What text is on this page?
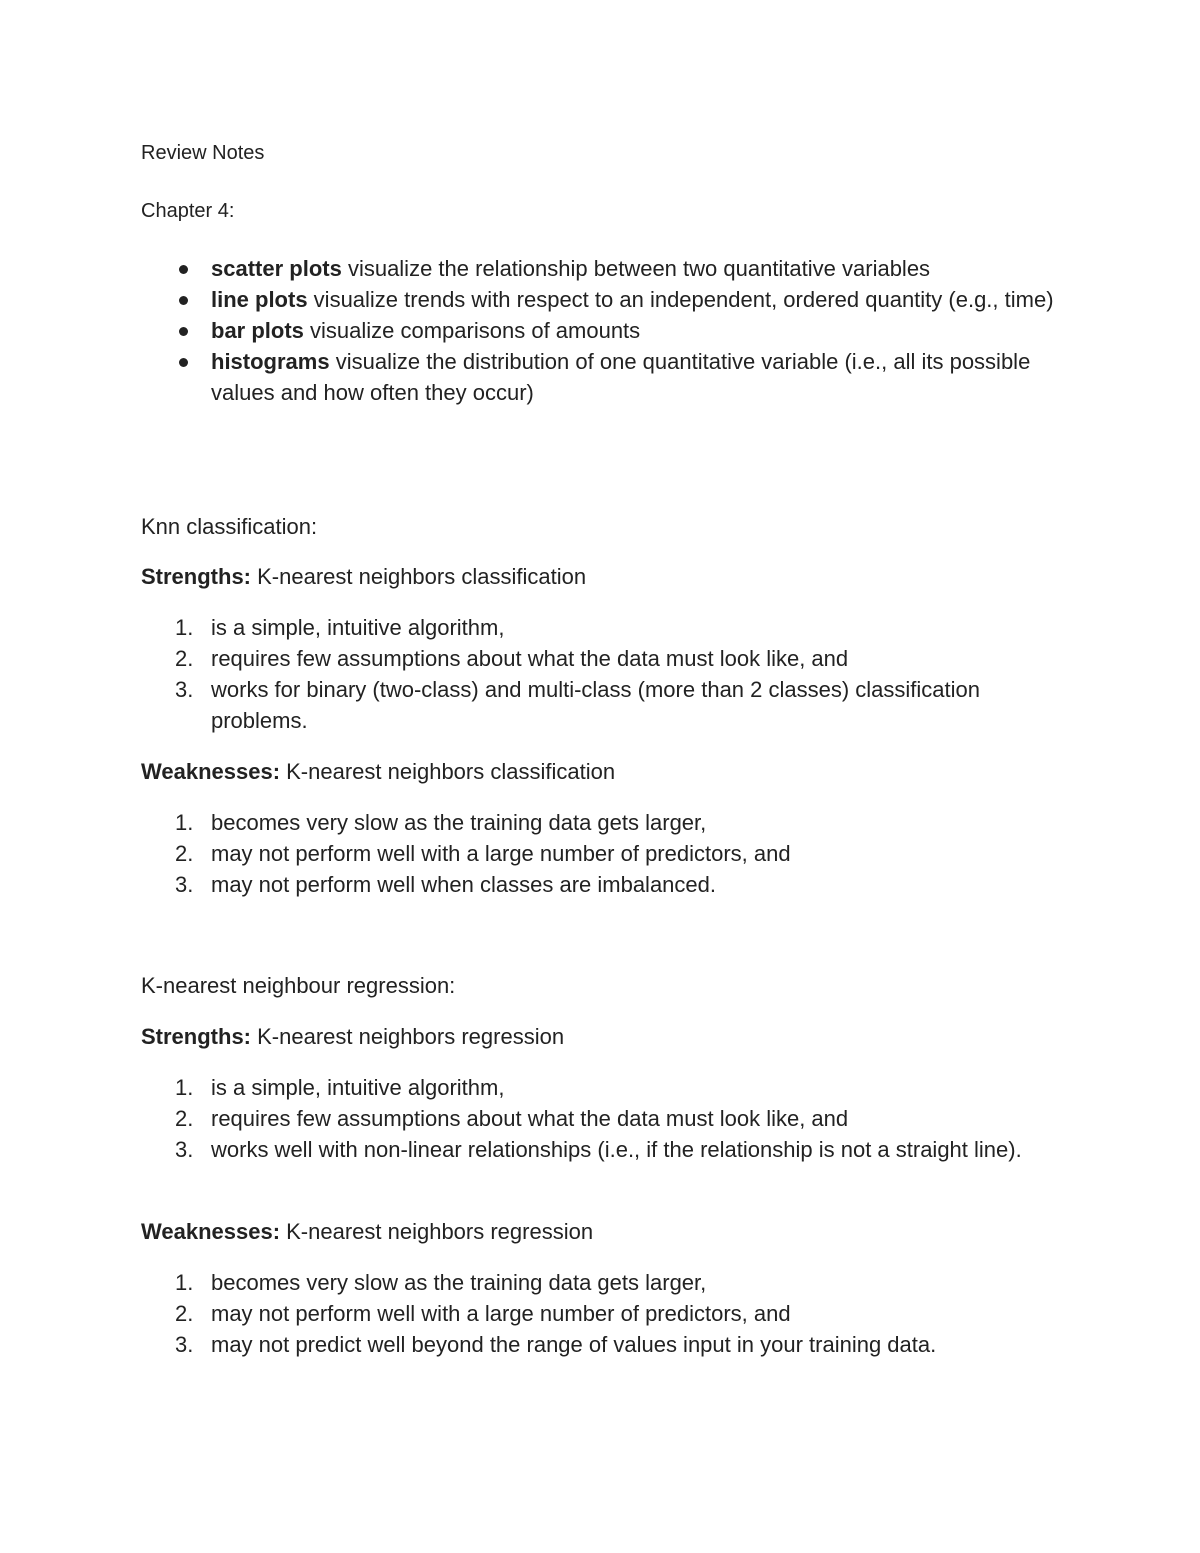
Review Notes
Chapter 4:
scatter plots visualize the relationship between two quantitative variables
line plots visualize trends with respect to an independent, ordered quantity (e.g., time)
bar plots visualize comparisons of amounts
histograms visualize the distribution of one quantitative variable (i.e., all its possible values and how often they occur)
Knn classification:
Strengths: K-nearest neighbors classification
1. is a simple, intuitive algorithm,
2. requires few assumptions about what the data must look like, and
3. works for binary (two-class) and multi-class (more than 2 classes) classification problems.
Weaknesses: K-nearest neighbors classification
1. becomes very slow as the training data gets larger,
2. may not perform well with a large number of predictors, and
3. may not perform well when classes are imbalanced.
K-nearest neighbour regression:
Strengths: K-nearest neighbors regression
1. is a simple, intuitive algorithm,
2. requires few assumptions about what the data must look like, and
3. works well with non-linear relationships (i.e., if the relationship is not a straight line).
Weaknesses: K-nearest neighbors regression
1. becomes very slow as the training data gets larger,
2. may not perform well with a large number of predictors, and
3. may not predict well beyond the range of values input in your training data.
